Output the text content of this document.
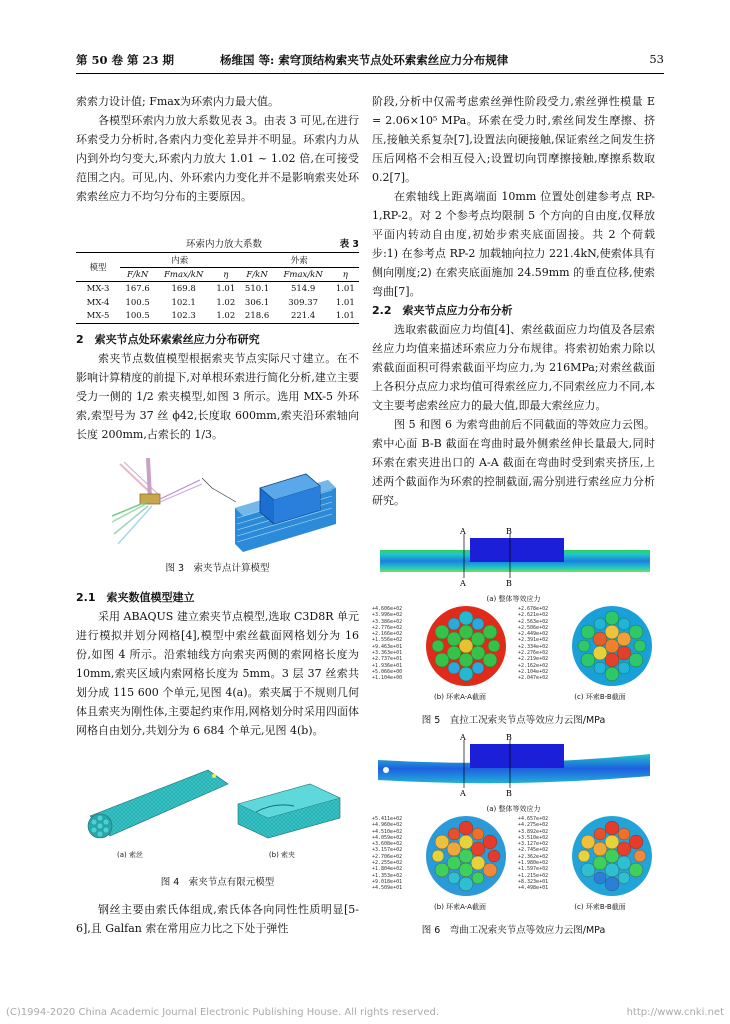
第 50 卷 第 23 期	杨维国 等: 索穹顶结构索夹节点处环索索丝应力分布规律	53
索索力设计值; Fmax为环索内力最大值。
各模型环索内力放大系数见表 3。由表 3 可见,在进行环索受力分析时,各索内力变化差异并不明显。环索内力从内到外均匀变大,环索内力放大 1.01 ~ 1.02 倍,在可接受范围之内。可见,内、外环索内力变化并不是影响索夹处环索索丝应力不均匀分布的主要原因。
环索内力放大系数	表 3
模型	内索			外索		
	F/kN	Fmax/kN	η	F/kN	Fmax/kN	η
MX-3	167.6	169.8	1.01	510.1	514.9	1.01
MX-4	100.5	102.1	1.02	306.1	309.37	1.01
MX-5	100.5	102.3	1.02	218.6	221.4	1.01
2　索夹节点处环索索丝应力分布研究
索夹节点数值模型根据索夹节点实际尺寸建立。在不影响计算精度的前提下,对单根环索进行简化分析,建立主要受力一侧的 1/2 索夹模型,如图 3 所示。选用 MX-5 外环索,索型号为 37 丝 ϕ42,长度取 600mm,索夹沿环索轴向长度 200mm,占索长的 1/3。
图 3　索夹节点计算模型
2.1　索夹数值模型建立
采用 ABAQUS 建立索夹节点模型,选取 C3D8R 单元进行模拟并划分网格[4],模型中索丝截面网格划分为 16 份,如图 4 所示。沿索轴线方向索夹两侧的索网格长度为 10mm,索夹区域内索网格长度为 5mm。3 层 37 丝索共划分成 115 600 个单元,见图 4(a)。索夹属于不规则几何体且索夹为刚性体,主要起约束作用,网格划分时采用四面体网格自由划分,共划分为 6 684 个单元,见图 4(b)。
(a) 索丝	(b) 索夹
图 4　索夹节点有限元模型
钢丝主要由索氏体组成,索氏体各向同性性质明显[5-6],且 Galfan 索在常用应力比之下处于弹性
阶段,分析中仅需考虑索丝弹性阶段受力,索丝弹性模量 E = 2.06×10⁵ MPa。环索在受力时,索丝间发生摩擦、挤压,接触关系复杂[7],设置法向硬接触,保证索丝之间发生挤压后网格不会相互侵入;设置切向罚摩擦接触,摩擦系数取 0.2[7]。
在索轴线上距离端面 10mm 位置处创建参考点 RP-1,RP-2。对 2 个参考点均限制 5 个方向的自由度,仅释放平面内转动自由度,初始步索夹底面固接。共 2 个荷载步:1) 在参考点 RP-2 加载轴向拉力 221.4kN,使索体具有侧向刚度;2) 在索夹底面施加 24.59mm 的垂直位移,使索弯曲[7]。
2.2　索夹节点应力分布分析
选取索截面应力均值[4]、索丝截面应力均值及各层索丝应力均值来描述环索应力分布规律。将索初始索力除以索截面面积可得索截面平均应力,为 216MPa;对索丝截面上各积分点应力求均值可得索丝应力,不同索丝应力不同,本文主要考虑索丝应力的最大值,即最大索丝应力。
图 5 和图 6 为索弯曲前后不同截面的等效应力云图。索中心面 B-B 截面在弯曲时最外侧索丝伸长量最大,同时环索在索夹进出口的 A-A 截面在弯曲时受到索夹挤压,上述两个截面作为环索的控制截面,需分别进行索丝应力分析研究。
A	B
A	B
(a) 整体等效应力
+4.606e+02
+3.996e+02
+3.386e+02
+2.776e+02
+2.166e+02
+1.556e+02
+9.463e+01
+3.363e+01
+2.737e+01
+1.936e+01
+5.066e+00
+1.104e+00
+2.678e+02
+2.621e+02
+2.563e+02
+2.506e+02
+2.449e+02
+2.391e+02
+2.334e+02
+2.276e+02
+2.219e+02
+2.162e+02
+2.104e+02
+2.047e+02
(b) 环索A-A截面	(c) 环索B-B截面
图 5　直拉工况索夹节点等效应力云图/MPa
A	B
A	B
(a) 整体等效应力
+5.411e+02
+4.960e+02
+4.510e+02
+4.059e+02
+3.608e+02
+3.157e+02
+2.706e+02
+2.255e+02
+1.804e+02
+1.353e+02
+9.018e+01
+4.509e+01
+4.657e+02
+4.275e+02
+3.892e+02
+3.510e+02
+3.127e+02
+2.745e+02
+2.362e+02
+1.980e+02
+1.597e+02
+1.215e+02
+8.323e+01
+4.498e+01
(b) 环索A-A截面	(c) 环索B-B截面
图 6　弯曲工况索夹节点等效应力云图/MPa
(C)1994-2020 China Academic Journal Electronic Publishing House. All rights reserved.	http://www.cnki.net
